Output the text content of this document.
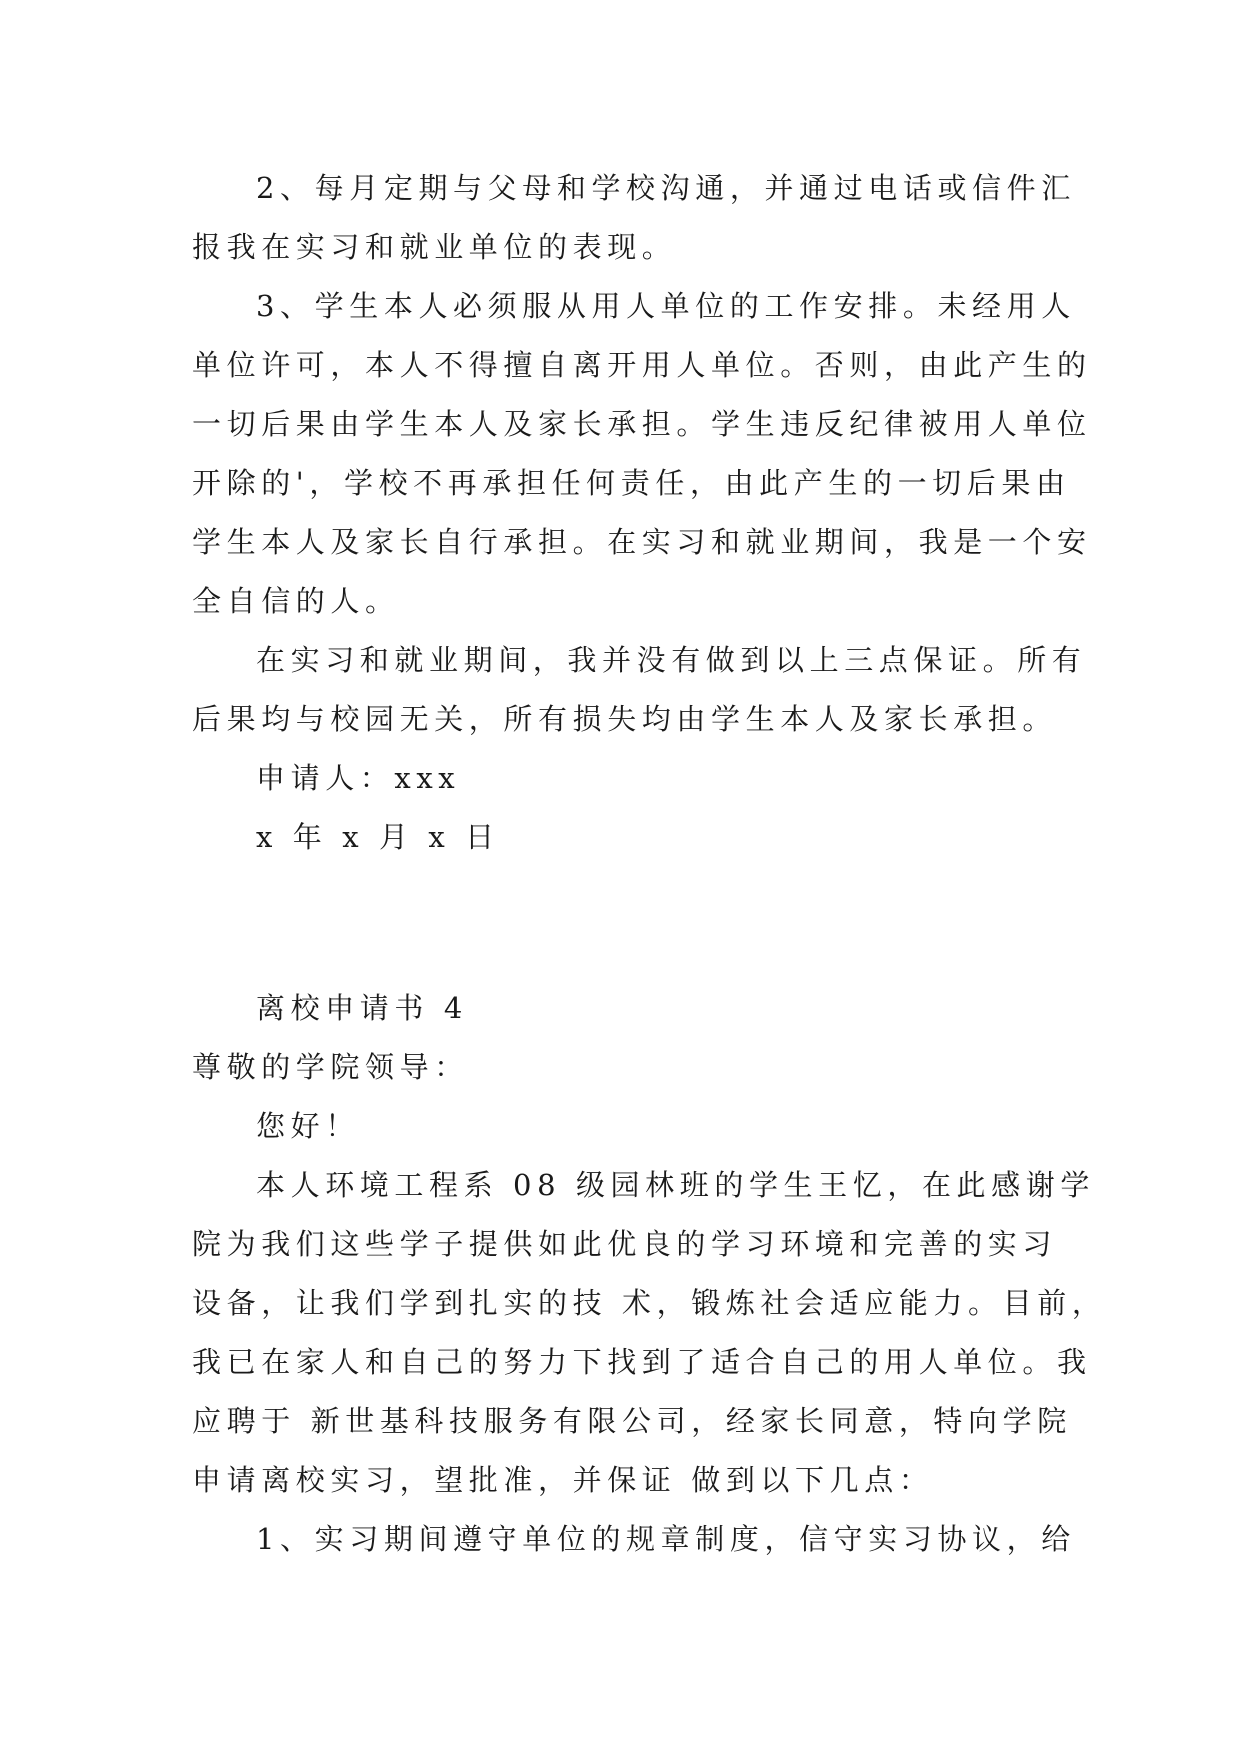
2、每月定期与父母和学校沟通，并通过电话或信件汇
报我在实习和就业单位的表现。
3、学生本人必须服从用人单位的工作安排。未经用人
单位许可，本人不得擅自离开用人单位。否则，由此产生的
一切后果由学生本人及家长承担。学生违反纪律被用人单位
开除的'，学校不再承担任何责任，由此产生的一切后果由
学生本人及家长自行承担。在实习和就业期间，我是一个安
全自信的人。
在实习和就业期间，我并没有做到以上三点保证。所有
后果均与校园无关，所有损失均由学生本人及家长承担。
申请人：xxx
x 年 x 月 x 日
离校申请书 4
尊敬的学院领导：
您好！
本人环境工程系 08 级园林班的学生王忆，在此感谢学
院为我们这些学子提供如此优良的学习环境和完善的实习
设备，让我们学到扎实的技 术，锻炼社会适应能力。目前，
我已在家人和自己的努力下找到了适合自己的用人单位。我
应聘于 新世基科技服务有限公司，经家长同意，特向学院
申请离校实习，望批准，并保证 做到以下几点：
1、实习期间遵守单位的规章制度，信守实习协议，给
